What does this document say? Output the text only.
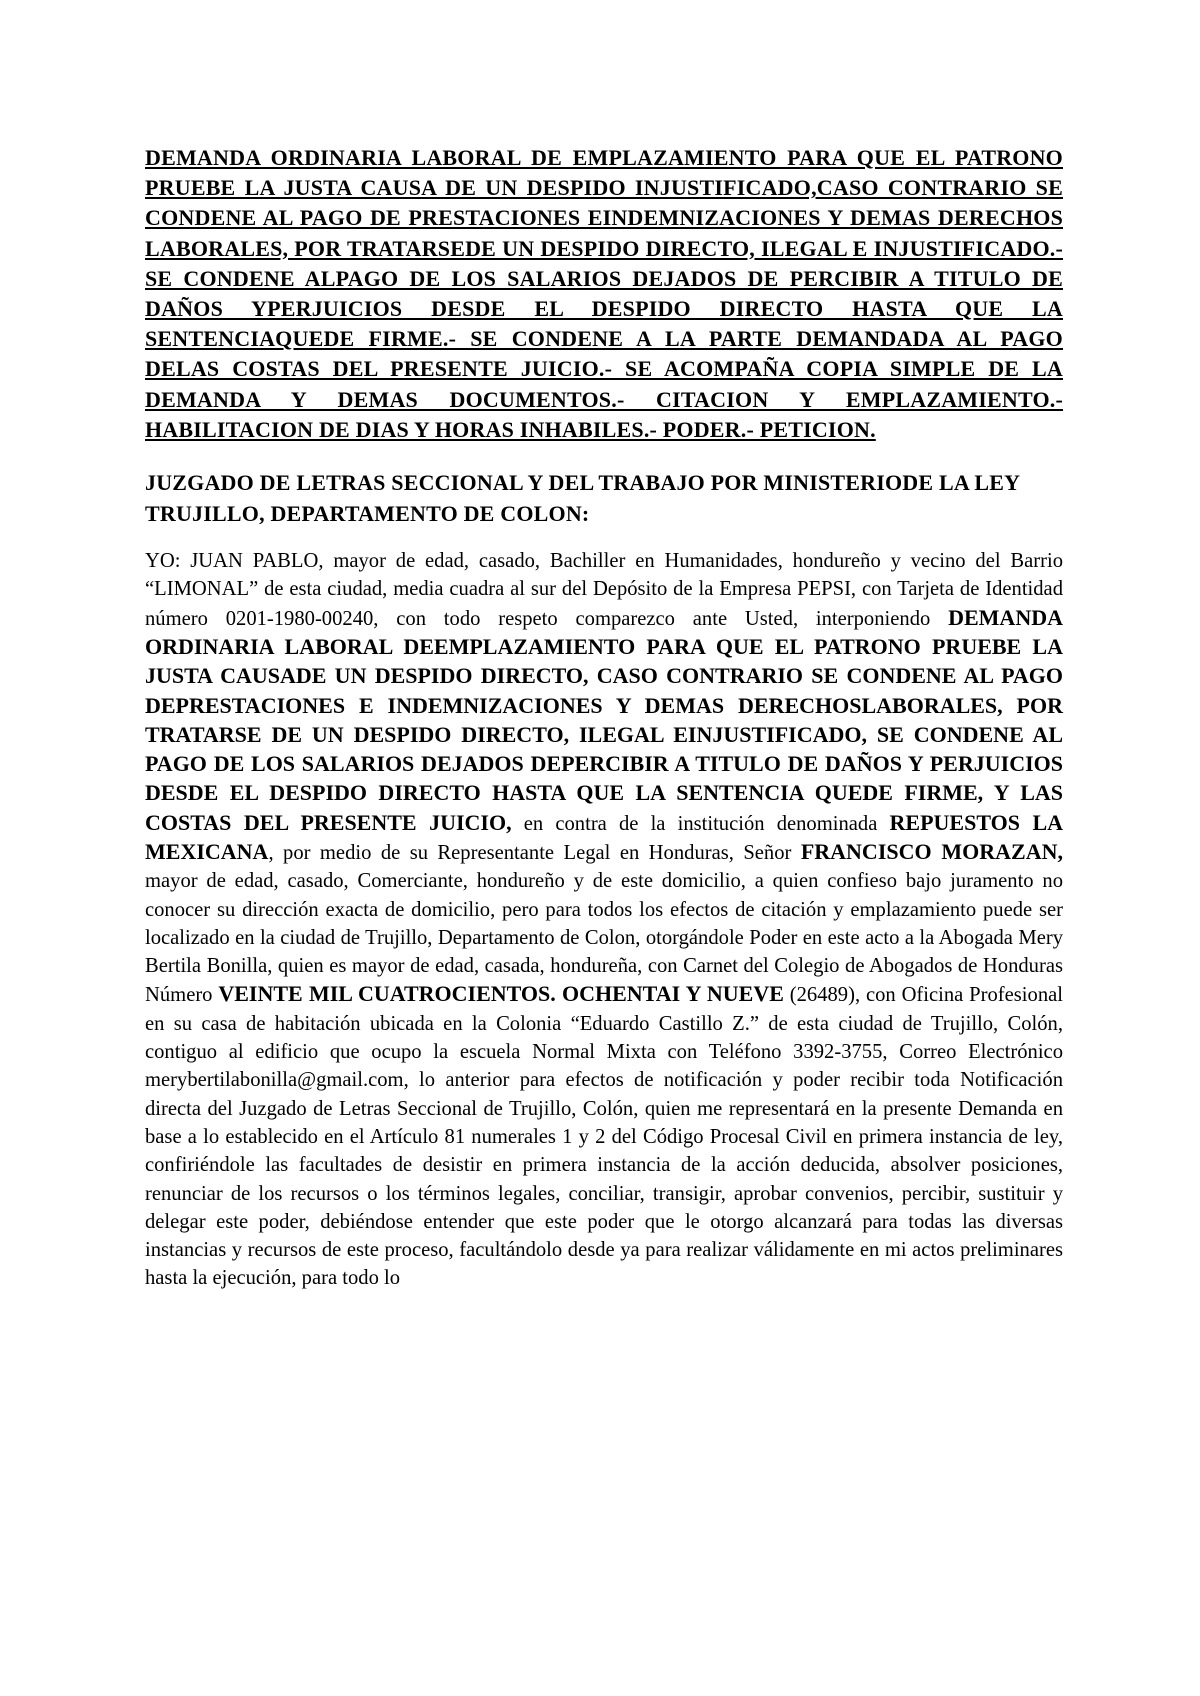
DEMANDA ORDINARIA LABORAL DE EMPLAZAMIENTO PARA QUE EL PATRONO PRUEBE LA JUSTA CAUSA DE UN DESPIDO INJUSTIFICADO,CASO CONTRARIO SE CONDENE AL PAGO DE PRESTACIONES EINDEMNIZACIONES Y DEMAS DERECHOS LABORALES, POR TRATARSEDE UN DESPIDO DIRECTO, ILEGAL E INJUSTIFICADO.- SE CONDENE ALPAGO DE LOS SALARIOS DEJADOS DE PERCIBIR A TITULO DE DAÑOS YPERJUICIOS DESDE EL DESPIDO DIRECTO HASTA QUE LA SENTENCIAQUEDE FIRME.- SE CONDENE A LA PARTE DEMANDADA AL PAGO DELAS COSTAS DEL PRESENTE JUICIO.- SE ACOMPAÑA COPIA SIMPLE DE LA DEMANDA Y DEMAS DOCUMENTOS.- CITACION Y EMPLAZAMIENTO.-HABILITACION DE DIAS Y HORAS INHABILES.- PODER.- PETICION.

JUZGADO DE LETRAS SECCIONAL Y DEL TRABAJO POR MINISTERIODE LA LEY TRUJILLO, DEPARTAMENTO DE COLON:

YO: JUAN PABLO, mayor de edad, casado, Bachiller en Humanidades, hondureño y vecino del Barrio “LIMONAL” de esta ciudad, media cuadra al sur del Depósito de la Empresa PEPSI, con Tarjeta de Identidad número 0201-1980-00240, con todo respeto comparezco ante Usted, interponiendo DEMANDA ORDINARIA LABORAL DEEMPLAZAMIENTO PARA QUE EL PATRONO PRUEBE LA JUSTA CAUSADE UN DESPIDO DIRECTO, CASO CONTRARIO SE CONDENE AL PAGO DEPRESTACIONES E INDEMNIZACIONES Y DEMAS DERECHOSLABORALES, POR TRATARSE DE UN DESPIDO DIRECTO, ILEGAL EINJUSTIFICADO, SE CONDENE AL PAGO DE LOS SALARIOS DEJADOS DEPERCIBIR A TITULO DE DAÑOS Y PERJUICIOS DESDE EL DESPIDO DIRECTO HASTA QUE LA SENTENCIA QUEDE FIRME, Y LAS COSTAS DEL PRESENTE JUICIO, en contra de la institución denominada REPUESTOS LA MEXICANA, por medio de su Representante Legal en Honduras, Señor FRANCISCO MORAZAN, mayor de edad, casado, Comerciante, hondureño y de este domicilio, a quien confieso bajo juramento no conocer su dirección exacta de domicilio, pero para todos los efectos de citación y emplazamiento puede ser localizado en la ciudad de Trujillo, Departamento de Colon, otorgándole Poder en este acto a la Abogada Mery Bertila Bonilla, quien es mayor de edad, casada, hondureña, con Carnet del Colegio de Abogados de Honduras Número VEINTE MIL CUATROCIENTOS. OCHENTAI Y NUEVE (26489), con Oficina Profesional en su casa de habitación ubicada en la Colonia “Eduardo Castillo Z.” de esta ciudad de Trujillo, Colón, contiguo al edificio que ocupo la escuela Normal Mixta con Teléfono 3392-3755, Correo Electrónico merybertilabonilla@gmail.com, lo anterior para efectos de notificación y poder recibir toda Notificación directa del Juzgado de Letras Seccional de Trujillo, Colón, quien me representará en la presente Demanda en base a lo establecido en el Artículo 81 numerales 1 y 2 del Código Procesal Civil en primera instancia de ley, confiriéndole las facultades de desistir en primera instancia de la acción deducida, absolver posiciones, renunciar de los recursos o los términos legales, conciliar, transigir, aprobar convenios, percibir, sustituir y delegar este poder, debiéndose entender que este poder que le otorgo alcanzará para todas las diversas instancias y recursos de este proceso, facultándolo desde ya para realizar válidamente en mi actos preliminares hasta la ejecución, para todo lo
